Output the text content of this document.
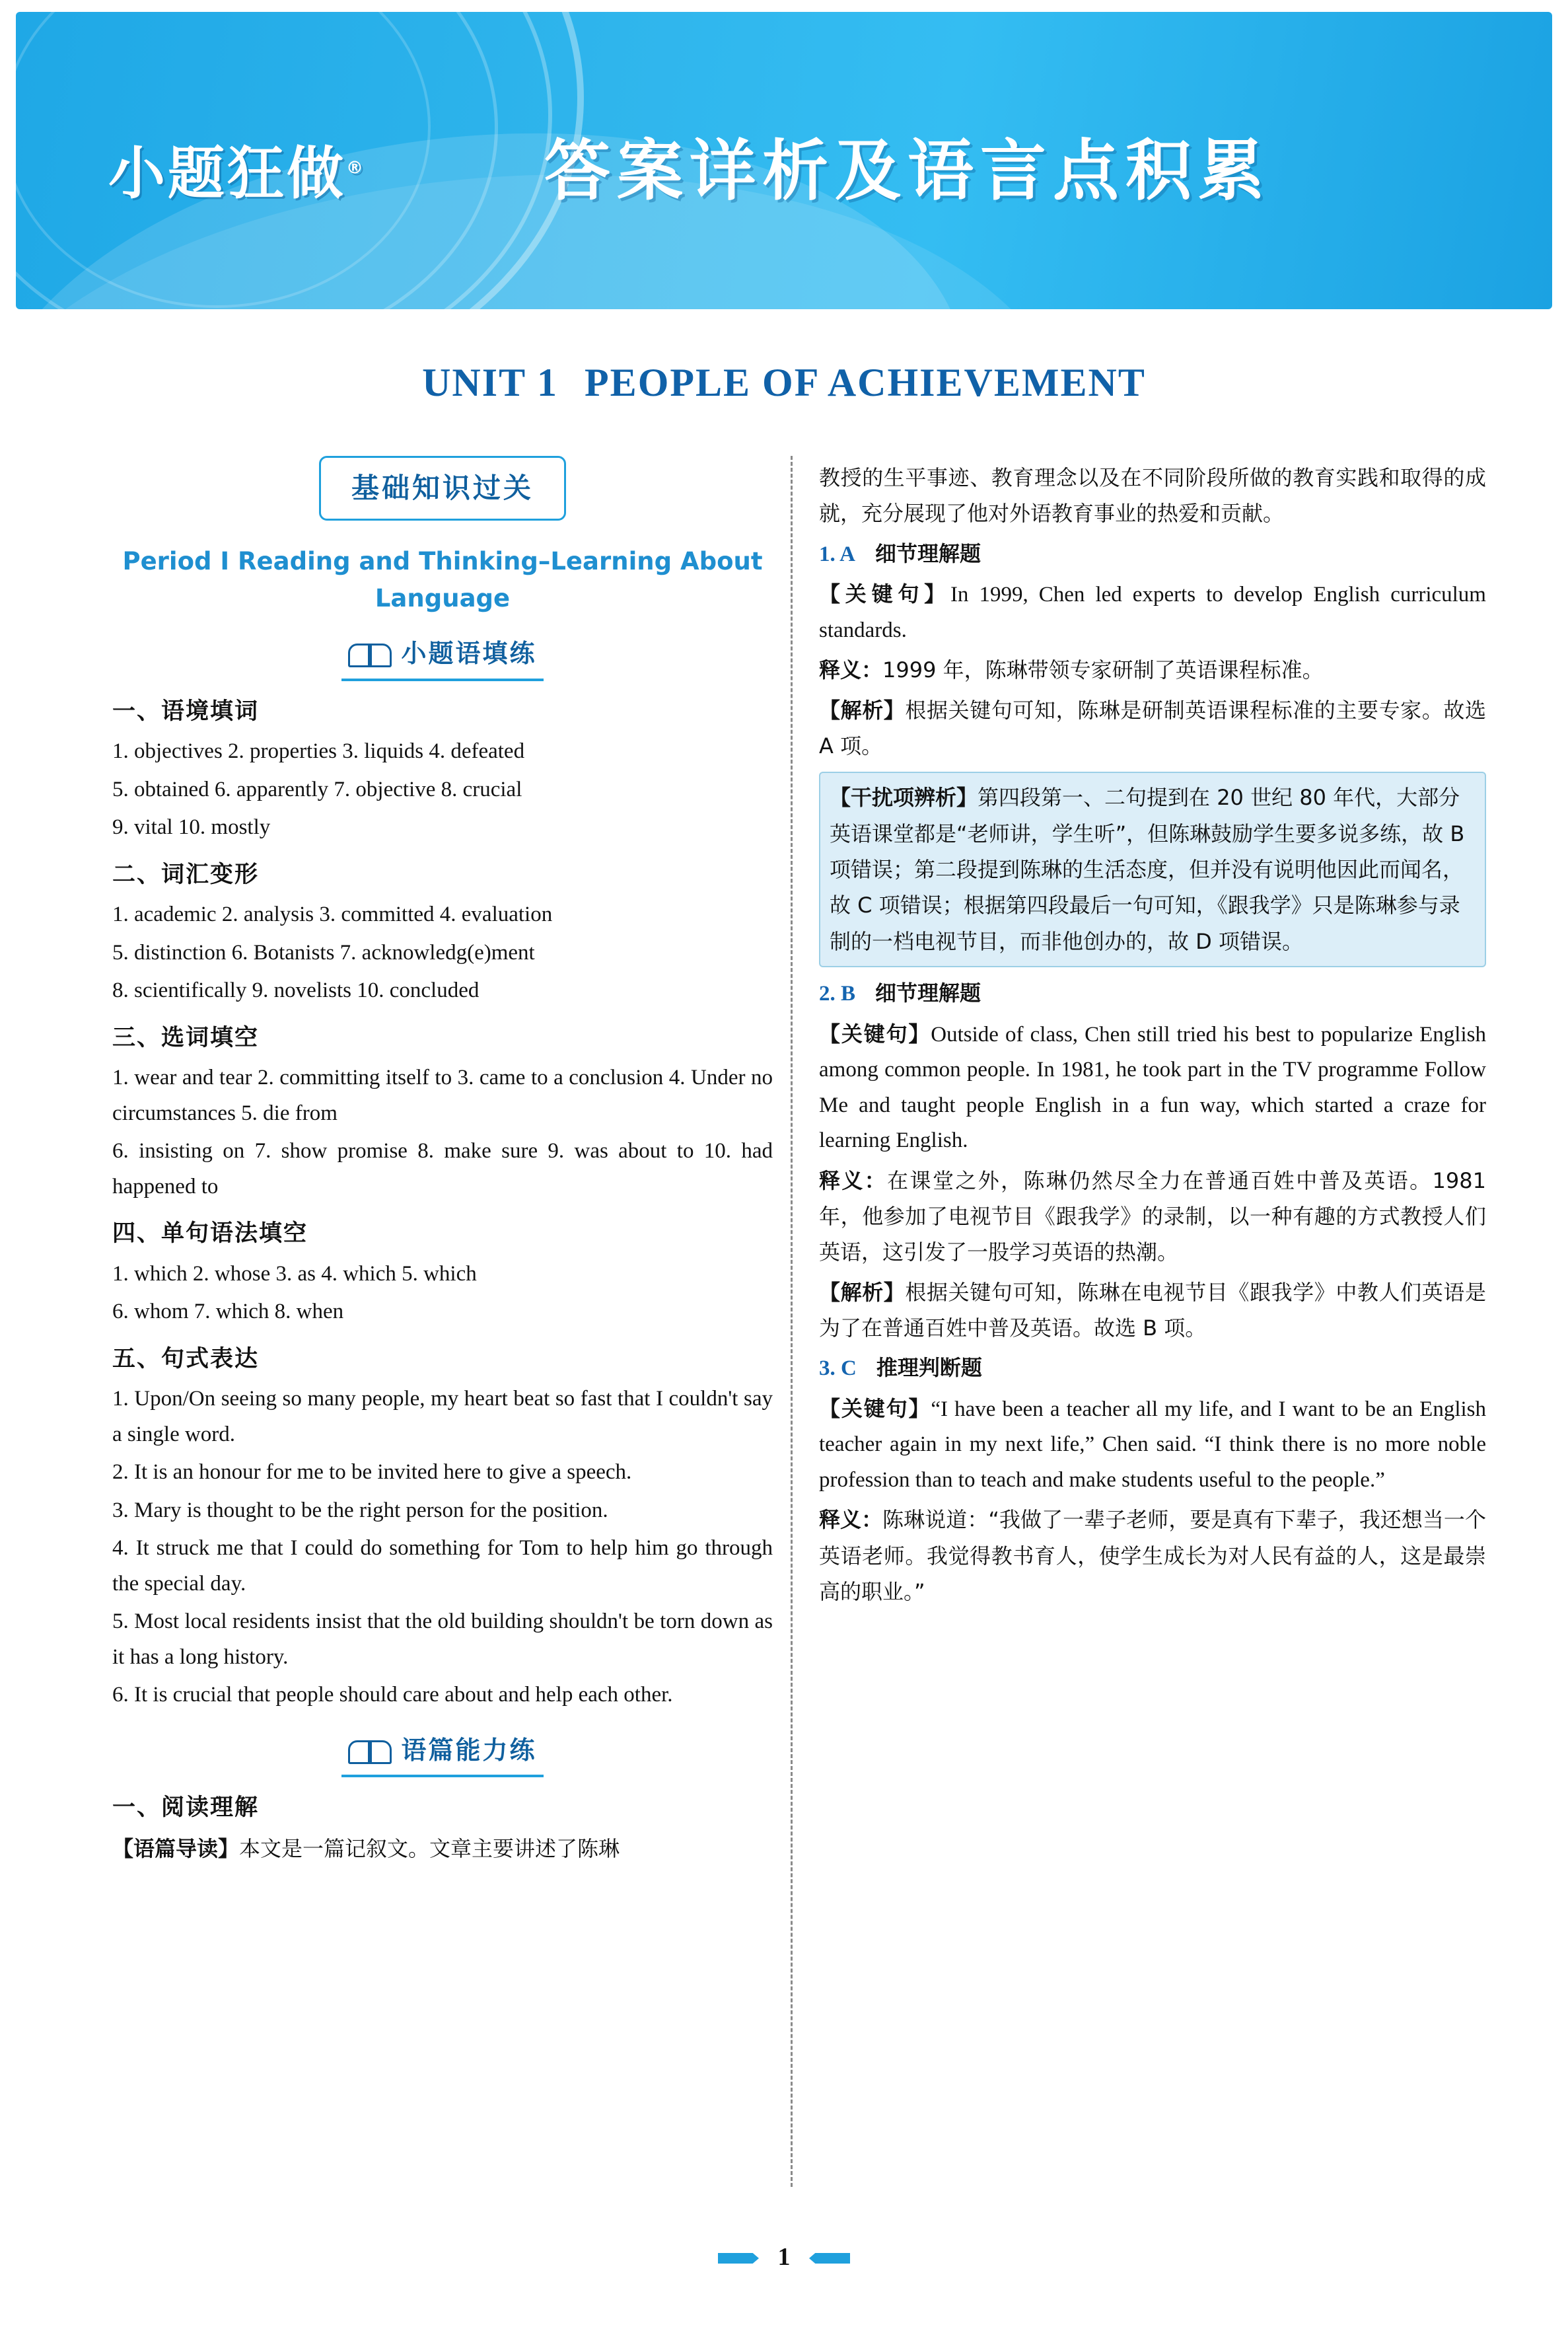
小题狂做®	答案详析及语言点积累
UNIT 1 PEOPLE OF ACHIEVEMENT
基础知识过关
Period I Reading and Thinking–Learning About Language
小题语填练
一、语境填词
1. objectives 2. properties 3. liquids 4. defeated
5. obtained 6. apparently 7. objective 8. crucial
9. vital 10. mostly
二、词汇变形
1. academic 2. analysis 3. committed 4. evaluation
5. distinction 6. Botanists 7. acknowledg(e)ment
8. scientifically 9. novelists 10. concluded
三、选词填空
1. wear and tear 2. committing itself to 3. came to a conclusion 4. Under no circumstances 5. die from
6. insisting on 7. show promise 8. make sure 9. was about to 10. had happened to
四、单句语法填空
1. which 2. whose 3. as 4. which 5. which
6. whom 7. which 8. when
五、句式表达
1. Upon/On seeing so many people, my heart beat so fast that I couldn't say a single word.
2. It is an honour for me to be invited here to give a speech.
3. Mary is thought to be the right person for the position.
4. It struck me that I could do something for Tom to help him go through the special day.
5. Most local residents insist that the old building shouldn't be torn down as it has a long history.
6. It is crucial that people should care about and help each other.
语篇能力练
一、阅读理解
【语篇导读】本文是一篇记叙文。文章主要讲述了陈琳
教授的生平事迹、教育理念以及在不同阶段所做的教育实践和取得的成就，充分展现了他对外语教育事业的热爱和贡献。
1. A 细节理解题
【关键句】In 1999, Chen led experts to develop English curriculum standards.
释义：1999 年，陈琳带领专家研制了英语课程标准。
【解析】根据关键句可知，陈琳是研制英语课程标准的主要专家。故选 A 项。
【干扰项辨析】第四段第一、二句提到在 20 世纪 80 年代，大部分英语课堂都是“老师讲，学生听”，但陈琳鼓励学生要多说多练，故 B 项错误；第二段提到陈琳的生活态度，但并没有说明他因此而闻名，故 C 项错误；根据第四段最后一句可知，《跟我学》只是陈琳参与录制的一档电视节目，而非他创办的，故 D 项错误。
2. B 细节理解题
【关键句】Outside of class, Chen still tried his best to popularize English among common people. In 1981, he took part in the TV programme Follow Me and taught people English in a fun way, which started a craze for learning English.
释义：在课堂之外，陈琳仍然尽全力在普通百姓中普及英语。1981 年，他参加了电视节目《跟我学》的录制，以一种有趣的方式教授人们英语，这引发了一股学习英语的热潮。
【解析】根据关键句可知，陈琳在电视节目《跟我学》中教人们英语是为了在普通百姓中普及英语。故选 B 项。
3. C 推理判断题
【关键句】“I have been a teacher all my life, and I want to be an English teacher again in my next life,” Chen said. “I think there is no more noble profession than to teach and make students useful to the people.”
释义：陈琳说道：“我做了一辈子老师，要是真有下辈子，我还想当一个英语老师。我觉得教书育人，使学生成长为对人民有益的人，这是最崇高的职业。”
1
